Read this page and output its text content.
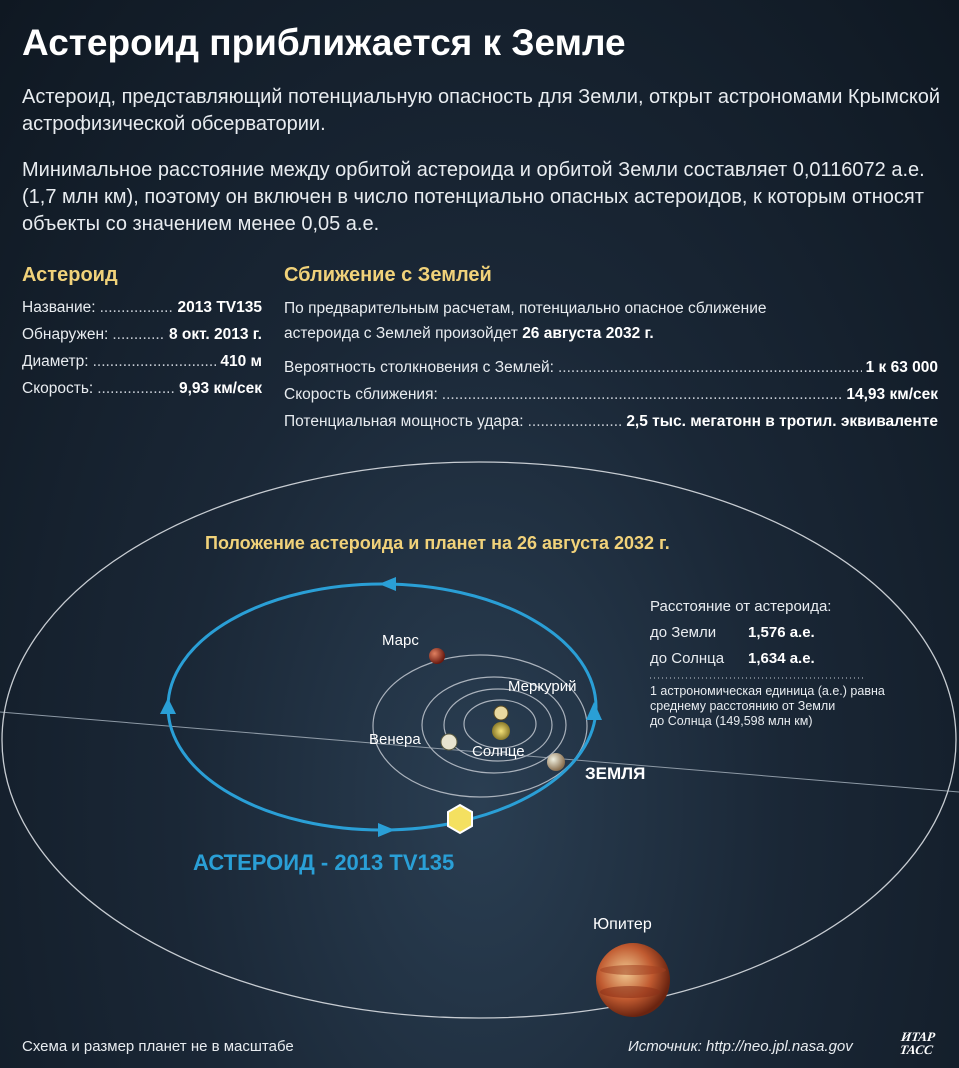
Астероид приближается к Земле
Астероид, представляющий потенциальную опасность для Земли, открыт астрономами Крымской астрофизической обсерватории.
Минимальное расстояние между орбитой астероида и орбитой Земли составляет 0,0116072 а.е. (1,7 млн км), поэтому он включен в число потенциально опасных астероидов, к которым относят объекты со значением менее 0,05 а.е.
Астероид
Название: .....	2013 TV135
Обнаружен: .....	8 окт. 2013 г.
Диаметр: .....	410 м
Скорость: .....	9,93 км/сек
Сближение с Землей
По предварительным расчетам, потенциально опасное сближение
астероида с Землей произойдет 26 августа 2032 г.
Вероятность столкновения с Землей: .....	1 к 63 000
Скорость сближения: .....	14,93 км/сек
Потенциальная мощность удара: .....	2,5 тыс. мегатонн в тротил. эквиваленте
Положение астероида и планет на 26 августа 2032 г.
Марс
Меркурий
Венера
Солнце
ЗЕМЛЯ
Юпитер
АСТЕРОИД - 2013 TV135
Расстояние от астероида:
до Земли 1,576 а.е.
до Солнца 1,634 а.е.
1 астрономическая единица (а.е.) равна
среднему расстоянию от Земли
до Солнца (149,598 млн км)
Схема и размер планет не в масштабе	Источник: http://neo.jpl.nasa.gov
ИТАР
ТАСС
